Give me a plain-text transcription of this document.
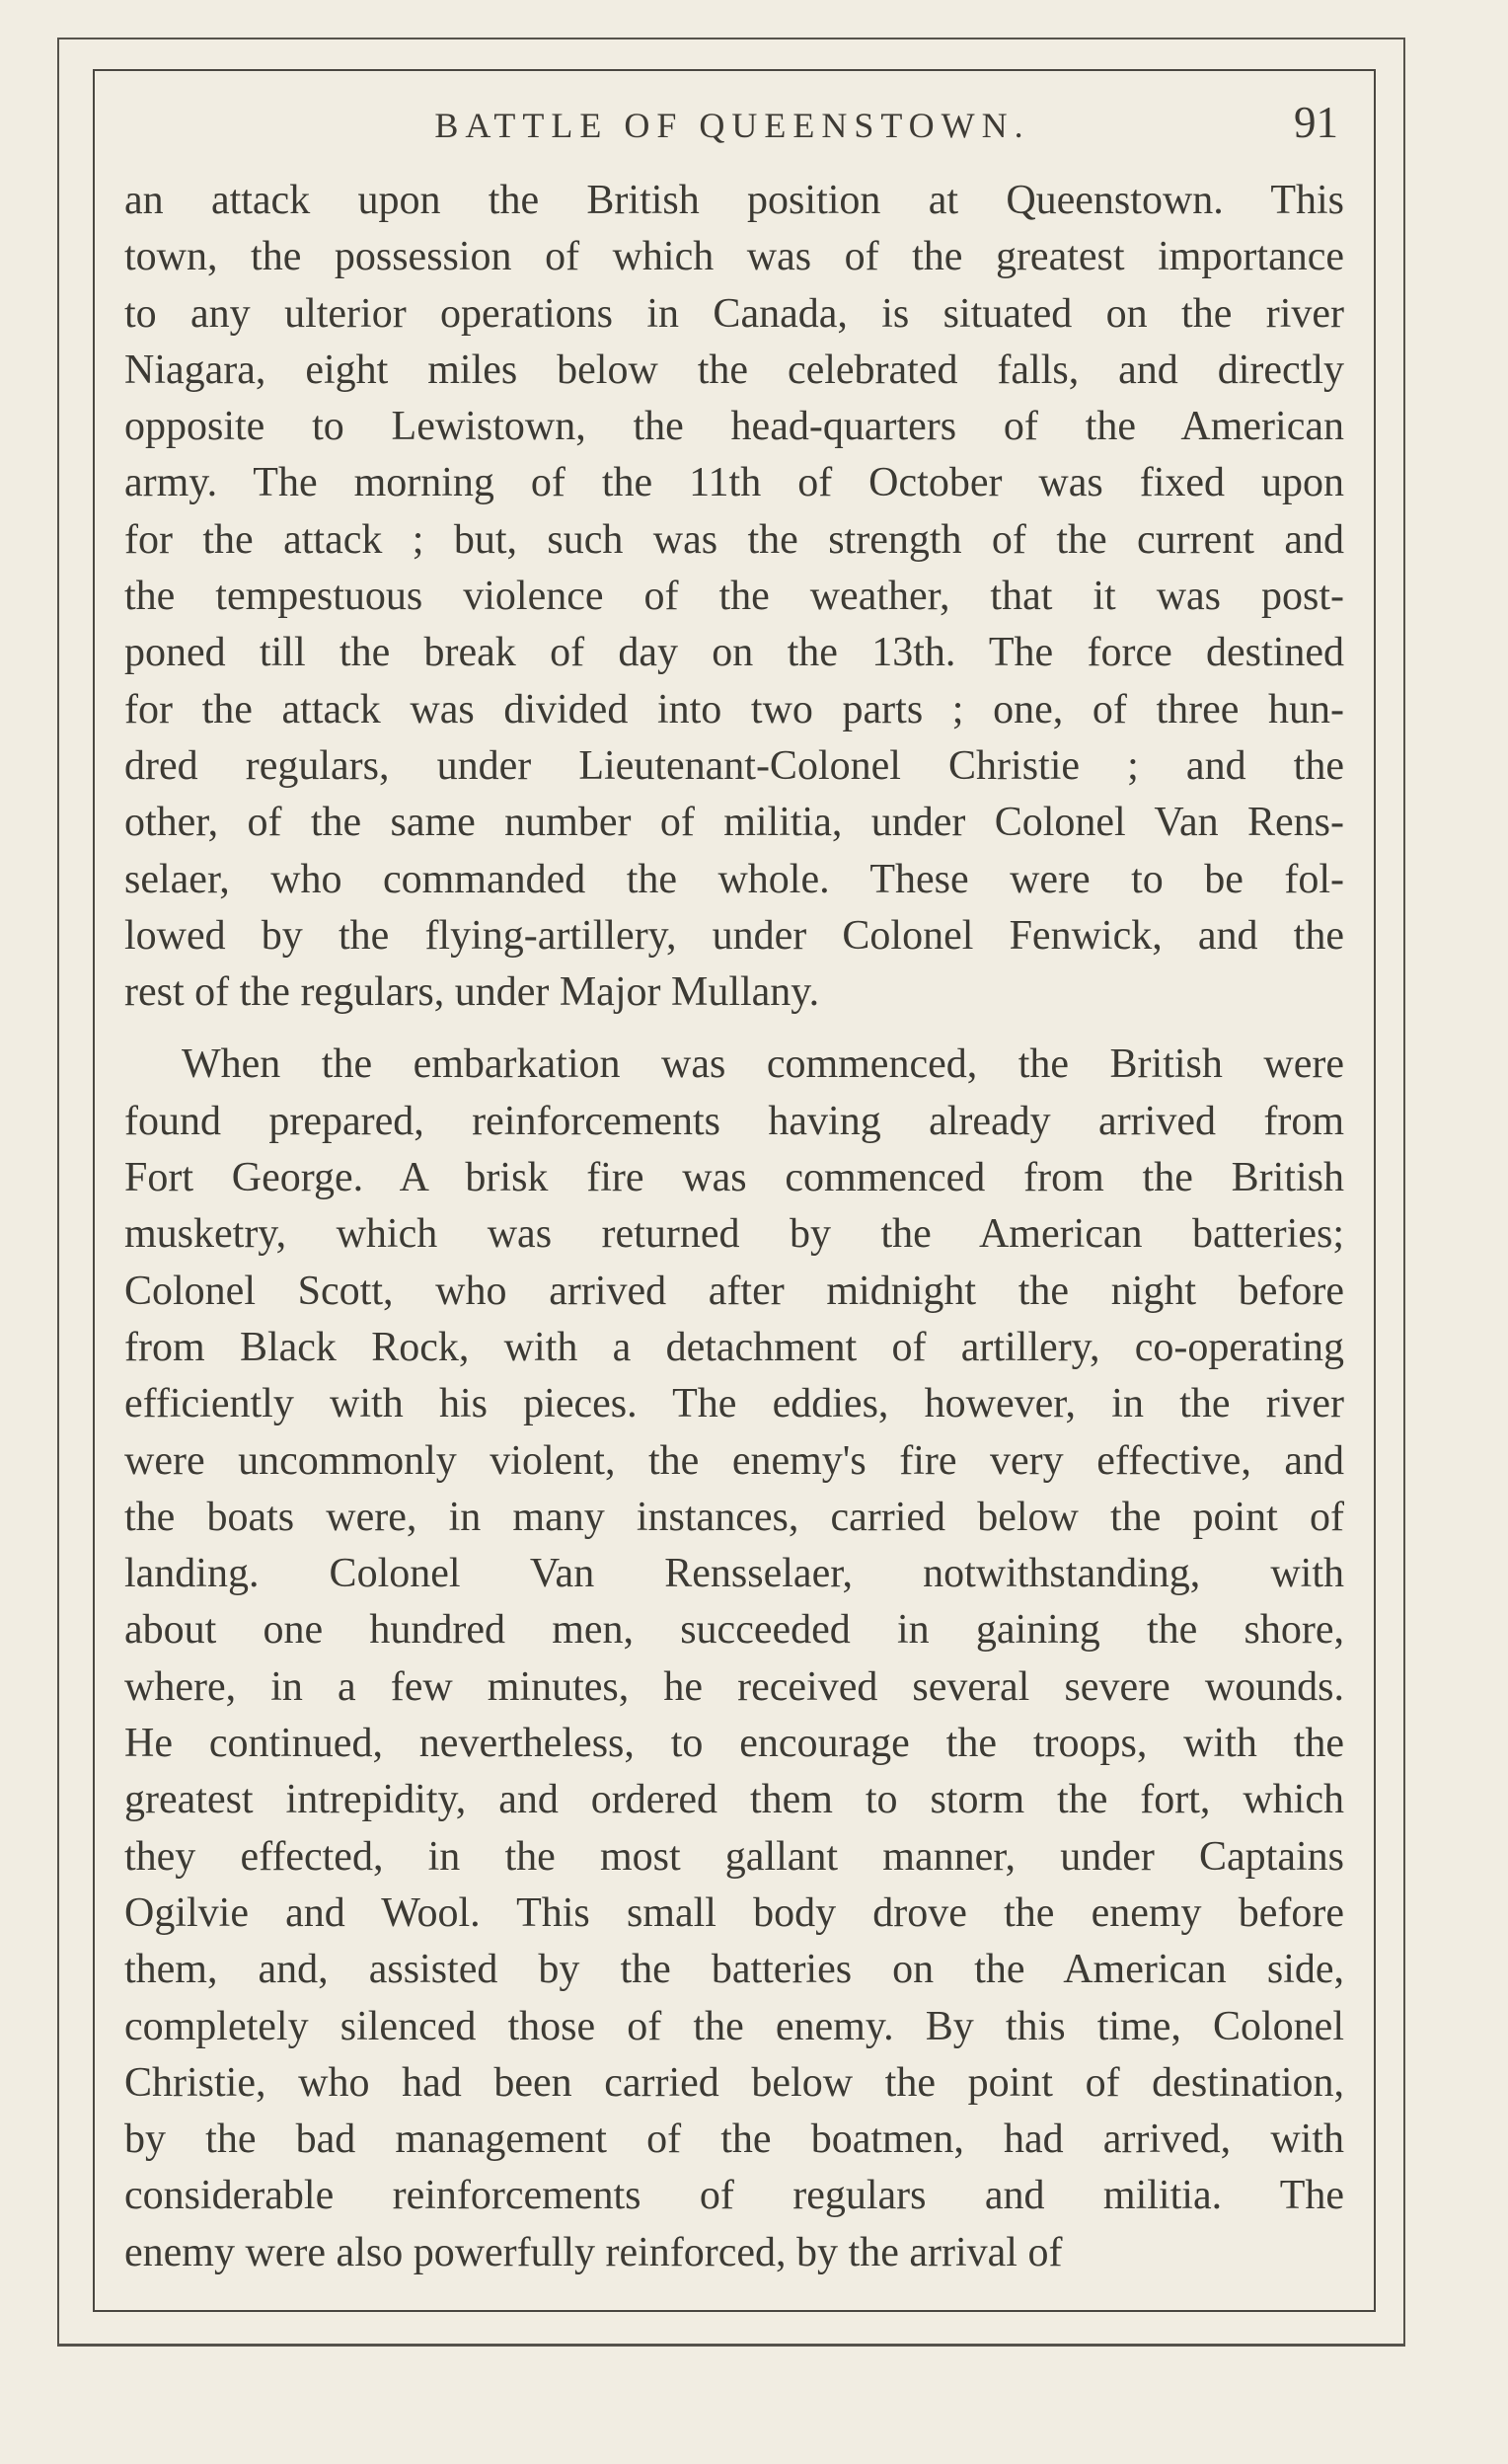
BATTLE OF QUEENSTOWN.	91
an attack upon the British position at Queenstown. This
town, the possession of which was of the greatest importance
to any ulterior operations in Canada, is situated on the river
Niagara, eight miles below the celebrated falls, and directly
opposite to Lewistown, the head-quarters of the American
army. The morning of the 11th of October was fixed upon
for the attack ; but, such was the strength of the current and
the tempestuous violence of the weather, that it was post-
poned till the break of day on the 13th. The force destined
for the attack was divided into two parts ; one, of three hun-
dred regulars, under Lieutenant-Colonel Christie ; and the
other, of the same number of militia, under Colonel Van Rens-
selaer, who commanded the whole. These were to be fol-
lowed by the flying-artillery, under Colonel Fenwick, and the
rest of the regulars, under Major Mullany.
When the embarkation was commenced, the British were
found prepared, reinforcements having already arrived from
Fort George. A brisk fire was commenced from the British
musketry, which was returned by the American batteries;
Colonel Scott, who arrived after midnight the night before
from Black Rock, with a detachment of artillery, co-operating
efficiently with his pieces. The eddies, however, in the river
were uncommonly violent, the enemy's fire very effective, and
the boats were, in many instances, carried below the point of
landing. Colonel Van Rensselaer, notwithstanding, with
about one hundred men, succeeded in gaining the shore,
where, in a few minutes, he received several severe wounds.
He continued, nevertheless, to encourage the troops, with the
greatest intrepidity, and ordered them to storm the fort, which
they effected, in the most gallant manner, under Captains
Ogilvie and Wool. This small body drove the enemy before
them, and, assisted by the batteries on the American side,
completely silenced those of the enemy. By this time, Colonel
Christie, who had been carried below the point of destination,
by the bad management of the boatmen, had arrived, with
considerable reinforcements of regulars and militia. The
enemy were also powerfully reinforced, by the arrival of
